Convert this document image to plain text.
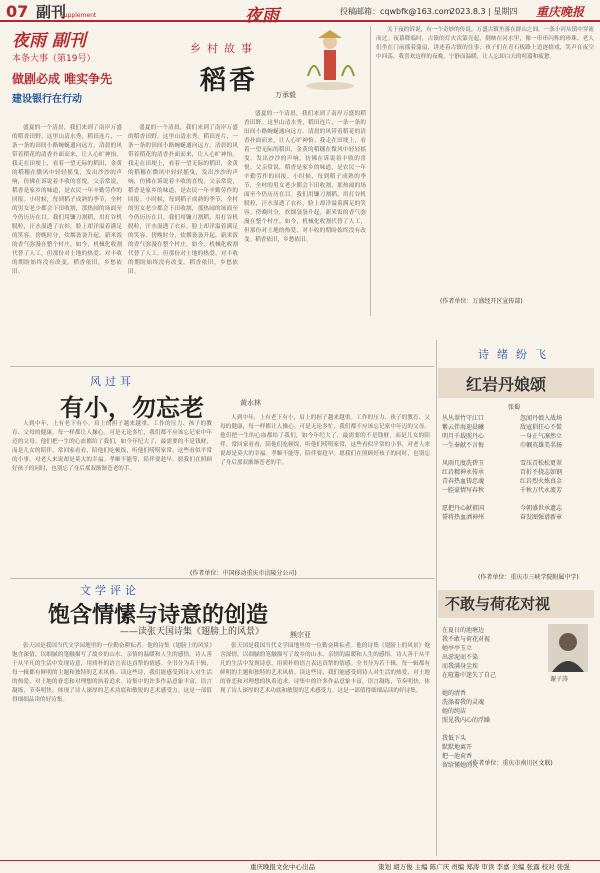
07 副刊
Supplement	夜雨	投稿邮箱：cqwbfk@163.com
2023.8.3 | 星期四 重庆晚报
夜雨 副刊
本条大事（第19号）
做剧必成 唯实争先
建设银行在行动
乡村故事
稻香 万承毅
盛夏的一个清晨，我们来到了南岸万盛的稻香田野。这里山清水秀，稻田连片，一条一条的田间小路蜿蜒通向远方。清晨的风带着稻花的清香扑面而来，让人心旷神怡。我走在田埂上，看着一望无际的稻田，金黄的稻穗在微风中轻轻摇曳，发出沙沙的声响，仿佛在诉说着丰收的喜悦。父亲常说，稻香是家乡的味道，是农民一年辛勤劳作的回报。小时候，每到稻子成熟的季节，全村的男女老少都会下田收割，那热闹的场面至今仍历历在目。我们用镰刀割稻，用打谷机脱粒，汗水湿透了衣衫，脸上却洋溢着满足的笑容。傍晚时分，炊烟袅袅升起，新米饭的香气弥漫在整个村庄。如今，机械化收割代替了人工，但那份对土地的热爱、对丰收的期盼始终没有改变。稻香依旧，乡愁依旧。
盛夏的一个清晨，我们来到了南岸万盛的稻香田野。这里山清水秀，稻田连片，一条一条的田间小路蜿蜒通向远方。清晨的风带着稻花的清香扑面而来，让人心旷神怡。我走在田埂上，看着一望无际的稻田，金黄的稻穗在微风中轻轻摇曳，发出沙沙的声响，仿佛在诉说着丰收的喜悦。父亲常说，稻香是家乡的味道，是农民一年辛勤劳作的回报。小时候，每到稻子成熟的季节，全村的男女老少都会下田收割，那热闹的场面至今仍历历在目。我们用镰刀割稻，用打谷机脱粒，汗水湿透了衣衫，脸上却洋溢着满足的笑容。傍晚时分，炊烟袅袅升起，新米饭的香气弥漫在整个村庄。如今，机械化收割代替了人工，但那份对土地的热爱、对丰收的期盼始终没有改变。稻香依旧，乡愁依旧。
盛夏的一个清晨，我们来到了南岸万盛的稻香田野。这里山清水秀，稻田连片，一条一条的田间小路蜿蜒通向远方。清晨的风带着稻花的清香扑面而来，让人心旷神怡。我走在田埂上，看着一望无际的稻田，金黄的稻穗在微风中轻轻摇曳，发出沙沙的声响，仿佛在诉说着丰收的喜悦。父亲常说，稻香是家乡的味道，是农民一年辛勤劳作的回报。小时候，每到稻子成熟的季节，全村的男女老少都会下田收割，那热闹的场面至今仍历历在目。我们用镰刀割稻，用打谷机脱粒，汗水湿透了衣衫，脸上却洋溢着满足的笑容。傍晚时分，炊烟袅袅升起，新米饭的香气弥漫在整个村庄。如今，机械化收割代替了人工，但那份对土地的热爱、对丰收的期盼始终没有改变。稻香依旧，乡愁依旧。
关于夜的诉说，有一个奇妙的传说。万盛古镇坐落在群山之间，一条小河从镇中穿流而过。夜幕降临时，古镇的灯火次第亮起，倒映在河水里，像一串串闪烁的珍珠。老人们坐在门前摇着蒲扇，讲述着古镇的往事；孩子们在青石板路上追逐嬉戏，笑声在夜空中回荡。我喜欢这样的夜晚，宁静而温暖，让人忘却白天的喧嚣和疲惫。
(作者单位：万盛经开区宣传部)
风过耳
有小，勿忘老	黄水林
人到中年，上有老下有小，肩上的担子越来越重。工作的压力、孩子的教育、父母的健康，每一样都让人操心。可是无论多忙，我们都不应该忘记家中年迈的父母。他们把一生的心血都给了我们，如今年纪大了，最需要的不是钱财，而是儿女的陪伴。常回家看看，陪他们吃顿饭，听他们唠唠家常，这些看似平常的小事，对老人来说却是莫大的幸福。孝顺不能等，陪伴要趁早。愿我们在照顾好孩子的同时，也别忘了身后那双渐渐苍老的手。
人到中年，上有老下有小，肩上的担子越来越重。工作的压力、孩子的教育、父母的健康，每一样都让人操心。可是无论多忙，我们都不应该忘记家中年迈的父母。他们把一生的心血都给了我们，如今年纪大了，最需要的不是钱财，而是儿女的陪伴。常回家看看，陪他们吃顿饭，听他们唠唠家常，这些看似平常的小事，对老人来说却是莫大的幸福。孝顺不能等，陪伴要趁早。愿我们在照顾好孩子的同时，也别忘了身后那双渐渐苍老的手。
(作者单位：中国移动重庆市涪陵分公司)
文学评论
饱含情愫与诗意的创造
——读张天国诗集《翅膀上的风景》	熊宗亚
张天国是我国当代文学园地里的一位勤奋耕耘者。他的诗集《翅膀上的风景》饱含深情，以细腻的笔触描写了故乡的山水、亲情的温暖和人生的感悟。诗人善于从平凡的生活中发现诗意，用质朴的语言表达真挚的情感。全书分为若干辑，每一辑都有鲜明的主题和独特的艺术风格。读这些诗，我们能感受到诗人对生活的热爱、对土地的眷恋和对理想的执着追求。诗集中的许多作品意象丰富，语言凝练，节奏明快，体现了诗人深厚的艺术功底和敏锐的艺术感受力。这是一部值得细细品读的好诗集。
张天国是我国当代文学园地里的一位勤奋耕耘者。他的诗集《翅膀上的风景》饱含深情，以细腻的笔触描写了故乡的山水、亲情的温暖和人生的感悟。诗人善于从平凡的生活中发现诗意，用质朴的语言表达真挚的情感。全书分为若干辑，每一辑都有鲜明的主题和独特的艺术风格。读这些诗，我们能感受到诗人对生活的热爱、对土地的眷恋和对理想的执着追求。诗集中的许多作品意象丰富，语言凝练，节奏明快，体现了诗人深厚的艺术功底和敏锐的艺术感受力。这是一部值得细细品读的好诗集。
诗绪纷飞
红岩丹娘颂
张蜀
丛丛翠竹守江口
紫云伴海迎晨曦
明月千载照丹心
一生奉献不言悔

风雨几度洗碧玉
红岩精神永传承
青春热血铸忠魂
一腔豪情写春秋

愿把丹心献祖国
誓将热血洒神州
忽闻丹娘入战场
敌寇猖狂心不慌
一身正气凛然立
巾帼英雄美名扬

雪压青松松更翠
百折不挠志如钢
红岩烈火炼真金
千秋万代永流芳

今朝盛世承遗志
奋发图强谱新章
(作者单位：重庆市三峡学院附属中学)
不敢与荷花对视
在夏日的池塘边
我不敢与荷花对视
她亭亭玉立
出淤泥而不染
而我满身尘埃
在喧嚣中迷失了自己

她的清香
洗涤着我的灵魂
她的纯洁
照见我内心的浮躁

我低下头
默默地离开
把一池荷香
留给懂她的人
谢子涛
(作者单位：重庆市南川区文联)
重庆晚报文化中心出品	策划 胡万俊 主编 陈广庆 责编 郑涛 审读 李嘉 美编 张露 校对 张强
